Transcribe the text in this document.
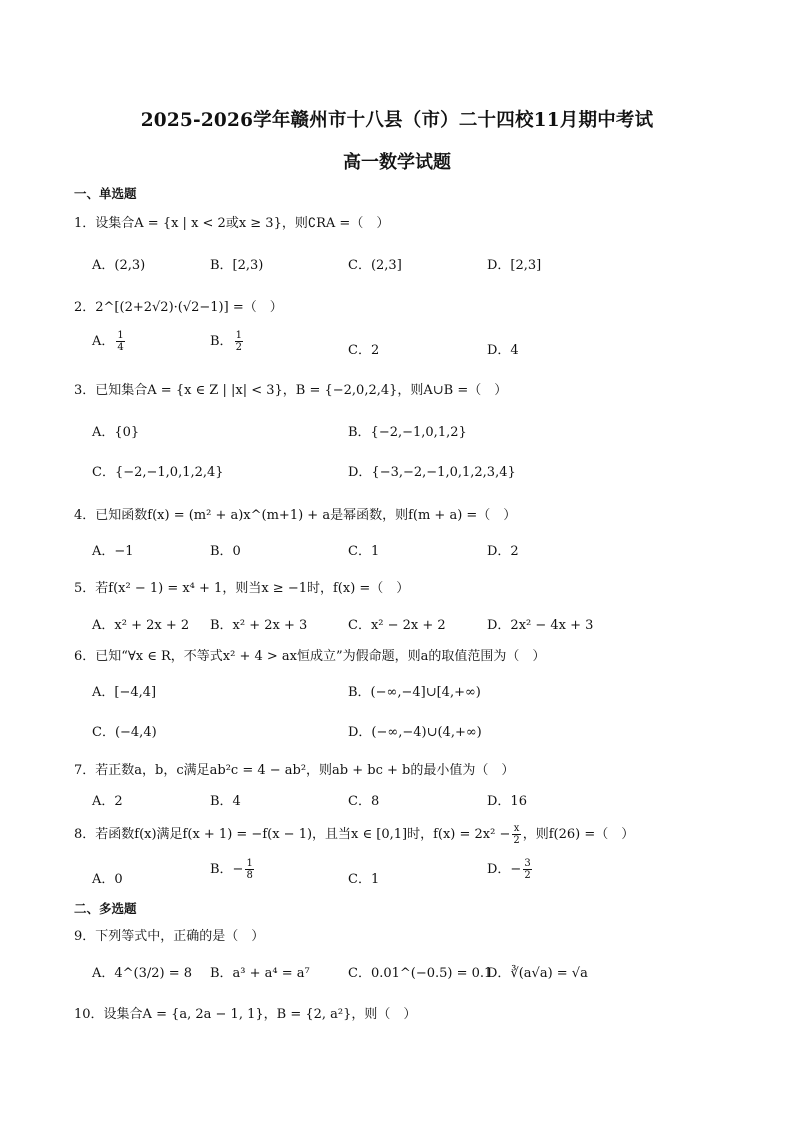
2025-2026学年赣州市十八县（市）二十四校11月期中考试
高一数学试题
一、单选题
1．设集合A = {x | x < 2或x ≥ 3}，则∁RA =（　）
A．(2,3)	B．[2,3)	C．(2,3]	D．[2,3]
2．2^[(2+2√2)·(√2−1)] =（　）
A． $\frac{1}{4}$	B． $\frac{1}{2}$	C．2	D．4
3．已知集合A = {x ∈ Z | |x| < 3}，B = {−2,0,2,4}，则A∪B =（　）
A．{0}	B．{−2,−1,0,1,2}
C．{−2,−1,0,1,2,4}	D．{−3,−2,−1,0,1,2,3,4}
4．已知函数f(x) = (m² + a)x^(m+1) + a是幂函数，则f(m + a) =（　）
A．−1	B．0	C．1	D．2
5．若f(x² − 1) = x⁴ + 1，则当x ≥ −1时，f(x) =（　）
A．x² + 2x + 2 B．x² + 2x + 3	C．x² − 2x + 2	D．2x² − 4x + 3
6．已知“∀x ∈ R，不等式x² + 4 > ax恒成立”为假命题，则a的取值范围为（　）
A．[−4,4]	B．(−∞,−4]∪[4,+∞)
C．(−4,4)	D．(−∞,−4)∪(4,+∞)
7．若正数a，b，c满足ab²c = 4 − ab²，则ab + bc + b的最小值为（　）
A．2	B．4	C．8	D．16
8．若函数f(x)满足f(x + 1) = −f(x − 1)，且当x ∈ [0,1]时，$f(x) = 2x^2 - \frac{x}{2}$ ，则f(26) =（　）
A．0
B．− $\frac{1}{8}$	C．1
D．− $\frac{3}{2}$
二、多选题
9．下列等式中，正确的是（　）
A．4^(3/2) = 8 B．a³ + a⁴ = a⁷	C．0.01^(−0.5) = 0.1
D．∛(a√a) = √a
10．设集合A = {a, 2a − 1, 1}，B = {2, a²}，则（　）
